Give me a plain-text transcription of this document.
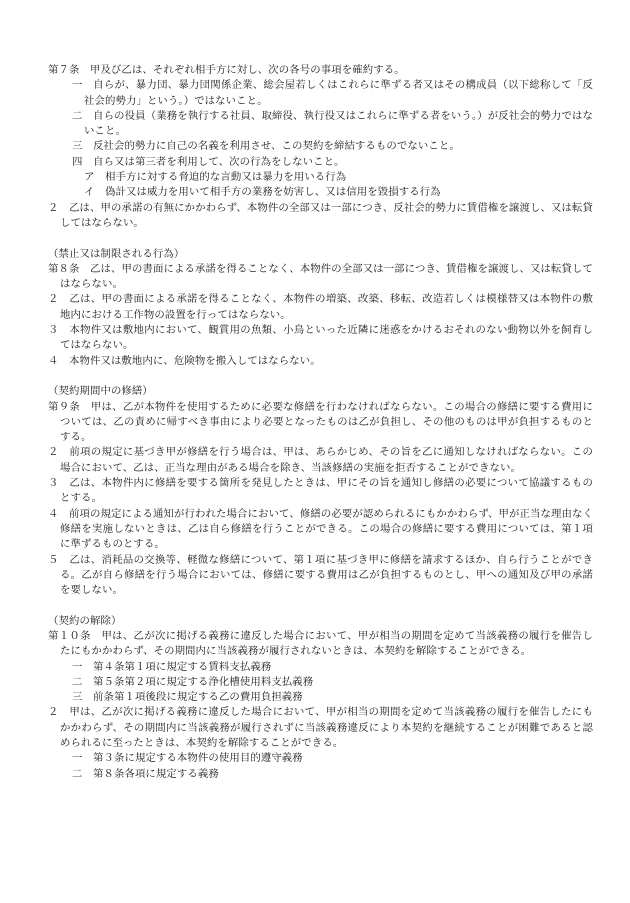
第７条　甲及び乙は、それぞれ相手方に対し、次の各号の事項を確約する。

一　自らが、暴力団、暴力団関係企業、総会屋若しくはこれらに準ずる者又はその構成員（以下総称して「反社会的勢力」という。）ではないこと。

二　自らの役員（業務を執行する社員、取締役、執行役又はこれらに準ずる者をいう。）が反社会的勢力ではないこと。

三　反社会的勢力に自己の名義を利用させ、この契約を締結するものでないこと。

四　自ら又は第三者を利用して、次の行為をしないこと。

ア　相手方に対する脅迫的な言動又は暴力を用いる行為

イ　偽計又は威力を用いて相手方の業務を妨害し、又は信用を毀損する行為

２　乙は、甲の承諾の有無にかかわらず、本物件の全部又は一部につき、反社会的勢力に賃借権を譲渡し、又は転貸してはならない。

（禁止又は制限される行為）

第８条　乙は、甲の書面による承諾を得ることなく、本物件の全部又は一部につき、賃借権を譲渡し、又は転貸してはならない。

２　乙は、甲の書面による承諾を得ることなく、本物件の増築、改築、移転、改造若しくは模様替又は本物件の敷地内における工作物の設置を行ってはならない。

３　本物件又は敷地内において、観賞用の魚類、小鳥といった近隣に迷惑をかけるおそれのない動物以外を飼育してはならない。

４　本物件又は敷地内に、危険物を搬入してはならない。

（契約期間中の修繕）

第９条　甲は、乙が本物件を使用するために必要な修繕を行わなければならない。この場合の修繕に要する費用については、乙の責めに帰すべき事由により必要となったものは乙が負担し、その他のものは甲が負担するものとする。

２　前項の規定に基づき甲が修繕を行う場合は、甲は、あらかじめ、その旨を乙に通知しなければならない。この場合において、乙は、正当な理由がある場合を除き、当該修繕の実施を拒否することができない。

３　乙は、本物件内に修繕を要する箇所を発見したときは、甲にその旨を通知し修繕の必要について協議するものとする。

４　前項の規定による通知が行われた場合において、修繕の必要が認められるにもかかわらず、甲が正当な理由なく修繕を実施しないときは、乙は自ら修繕を行うことができる。この場合の修繕に要する費用については、第１項に準ずるものとする。

５　乙は、消耗品の交換等、軽微な修繕について、第１項に基づき甲に修繕を請求するほか、自ら行うことができる。乙が自ら修繕を行う場合においては、修繕に要する費用は乙が負担するものとし、甲への通知及び甲の承諾を要しない。

（契約の解除）

第１０条　甲は、乙が次に掲げる義務に違反した場合において、甲が相当の期間を定めて当該義務の履行を催告したにもかかわらず、その期間内に当該義務が履行されないときは、本契約を解除することができる。

一　第４条第１項に規定する賃料支払義務

二　第５条第２項に規定する浄化槽使用料支払義務

三　前条第１項後段に規定する乙の費用負担義務

２　甲は、乙が次に掲げる義務に違反した場合において、甲が相当の期間を定めて当該義務の履行を催告したにもかかわらず、その期間内に当該義務が履行されずに当該義務違反により本契約を継続することが困難であると認められるに至ったときは、本契約を解除することができる。

一　第３条に規定する本物件の使用目的遵守義務

二　第８条各項に規定する義務
